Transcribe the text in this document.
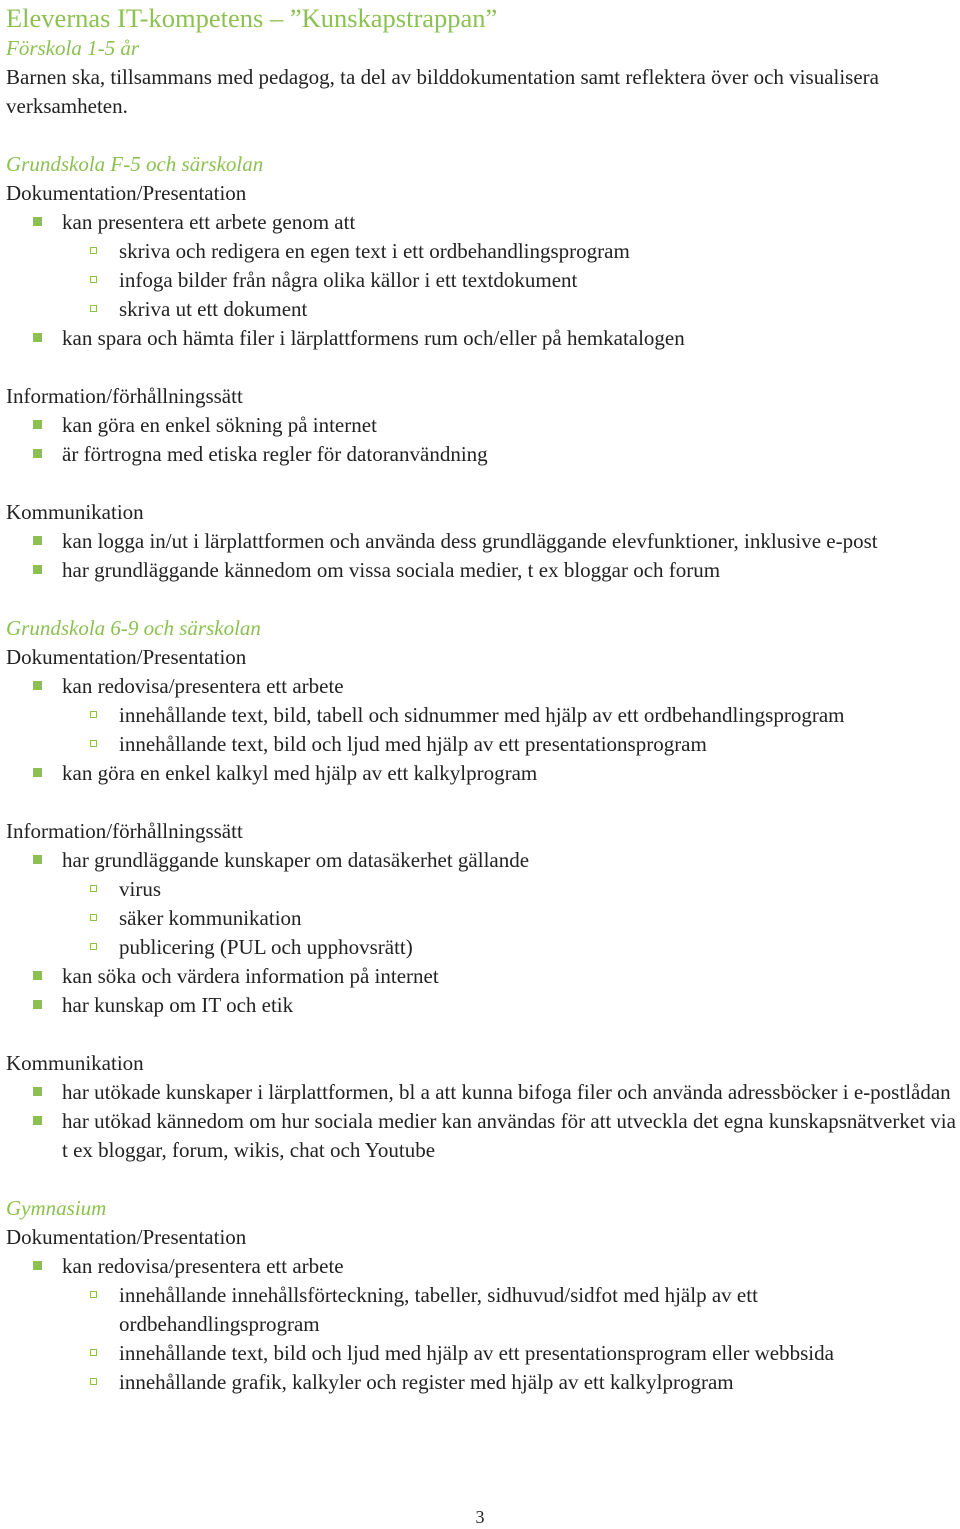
Elevernas IT-kompetens – ”Kunskapstrappan”
Förskola 1-5 år
Barnen ska, tillsammans med pedagog, ta del av bilddokumentation samt reflektera över och visualisera verksamheten.
Grundskola F-5 och särskolan
Dokumentation/Presentation
kan presentera ett arbete genom att
skriva och redigera en egen text i ett ordbehandlingsprogram
infoga bilder från några olika källor i ett textdokument
skriva ut ett dokument
kan spara och hämta filer i lärplattformens rum och/eller på hemkatalogen
Information/förhållningssätt
kan göra en enkel sökning på internet
är förtrogna med etiska regler för datoranvändning
Kommunikation
kan logga in/ut i lärplattformen och använda dess grundläggande elevfunktioner, inklusive e-post
har grundläggande kännedom om vissa sociala medier, t ex bloggar och forum
Grundskola 6-9 och särskolan
Dokumentation/Presentation
kan redovisa/presentera ett arbete
innehållande text, bild, tabell och sidnummer med hjälp av ett ordbehandlingsprogram
innehållande text, bild och ljud med hjälp av ett presentationsprogram
kan göra en enkel kalkyl med hjälp av ett kalkylprogram
Information/förhållningssätt
har grundläggande kunskaper om datasäkerhet gällande
virus
säker kommunikation
publicering (PUL och upphovsrätt)
kan söka och värdera information på internet
har kunskap om IT och etik
Kommunikation
har utökade kunskaper i lärplattformen, bl a att kunna bifoga filer och använda adressböcker i e-postlådan
har utökad kännedom om hur sociala medier kan användas för att utveckla det egna kunskapsnätverket via t ex bloggar, forum, wikis, chat och Youtube
Gymnasium
Dokumentation/Presentation
kan redovisa/presentera ett arbete
innehållande innehållsförteckning, tabeller, sidhuvud/sidfot med hjälp av ett ordbehandlingsprogram
innehållande text, bild och ljud med hjälp av ett presentationsprogram eller webbsida
innehållande grafik, kalkyler och register med hjälp av ett kalkylprogram
3
